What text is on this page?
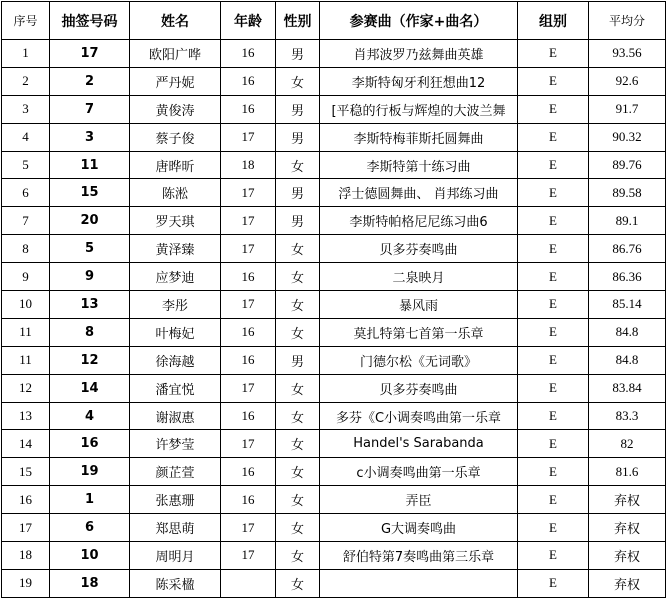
序号	抽签号码	姓名	年龄	性别	参赛曲（作家+曲名）	组别	平均分
1	17	欧阳广哗	16	男	肖邦波罗乃兹舞曲英雄	E	93.56
2	2	严丹妮	16	女	李斯特匈牙利狂想曲12	E	92.6
3	7	黄俊涛	16	男	[平稳的行板与辉煌的大波兰舞	E	91.7
4	3	蔡子俊	17	男	李斯特梅菲斯托圆舞曲	E	90.32
5	11	唐晔昕	18	女	李斯特第十练习曲	E	89.76
6	15	陈淞	17	男	浮士德圆舞曲、 肖邦练习曲	E	89.58
7	20	罗天琪	17	男	李斯特帕格尼尼练习曲6	E	89.1
8	5	黄泽臻	17	女	贝多芬奏鸣曲	E	86.76
9	9	应梦迪	16	女	二泉映月	E	86.36
10	13	李彤	17	女	暴风雨	E	85.14
11	8	叶梅妃	16	女	莫扎特第七首第一乐章	E	84.8
11	12	徐海越	16	男	门德尔松《无词歌》	E	84.8
12	14	潘宜悦	17	女	贝多芬奏鸣曲	E	83.84
13	4	谢淑惠	16	女	多芬《C小调奏鸣曲第一乐章	E	83.3
14	16	许梦莹	17	女	Handel's Sarabanda	E	82
15	19	颜芷萱	16	女	c小调奏鸣曲第一乐章	E	81.6
16	1	张惠珊	16	女	弄臣	E	弃权
17	6	郑思萌	17	女	G大调奏鸣曲	E	弃权
18	10	周明月	17	女	舒伯特第7奏鸣曲第三乐章	E	弃权
19	18	陈采楹		女		E	弃权
